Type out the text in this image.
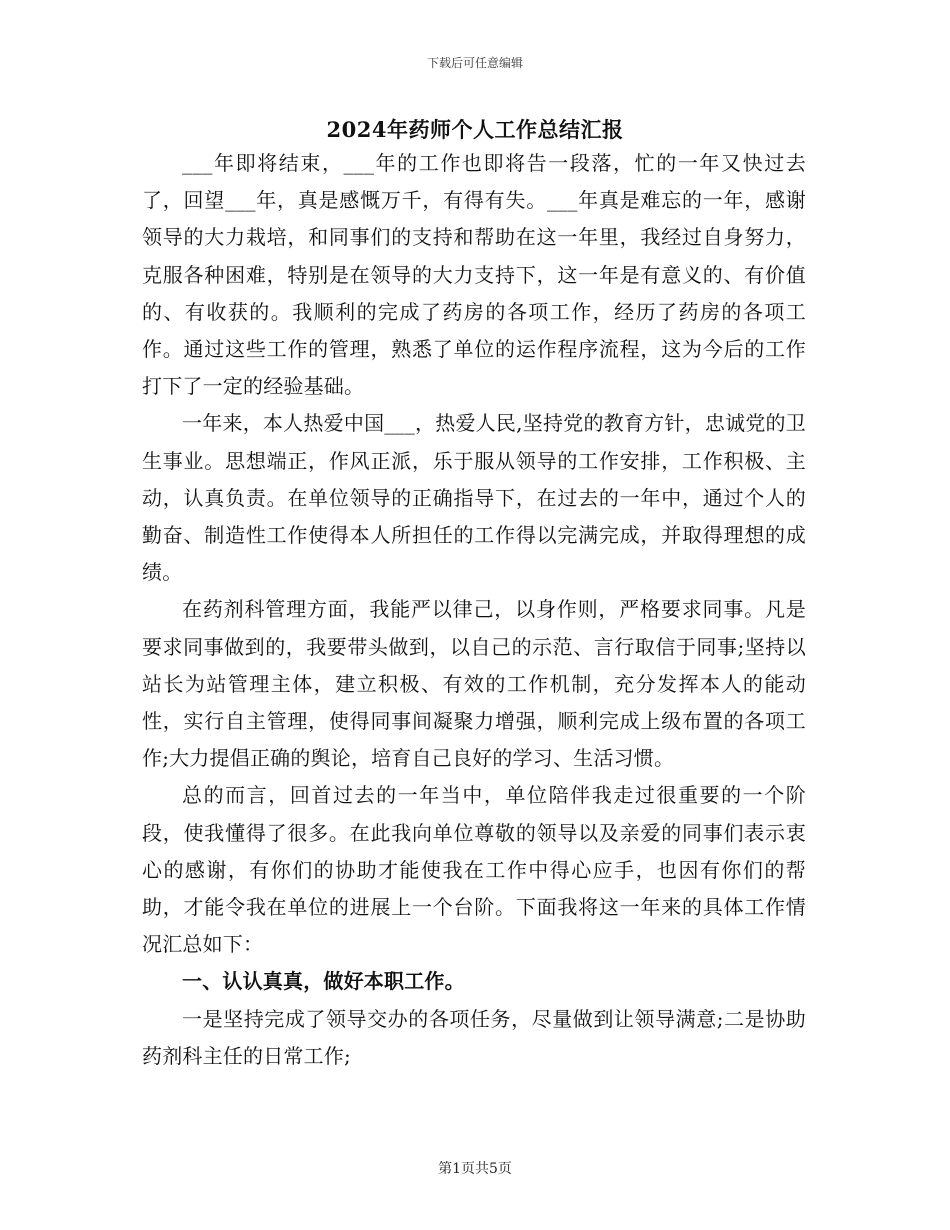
下载后可任意编辑
2024年药师个人工作总结汇报

___年即将结束，___年的工作也即将告一段落，忙的一年又快过去了，回望___年，真是感慨万千，有得有失。___年真是难忘的一年，感谢领导的大力栽培，和同事们的支持和帮助在这一年里，我经过自身努力，克服各种困难，特别是在领导的大力支持下，这一年是有意义的、有价值的、有收获的。我顺利的完成了药房的各项工作，经历了药房的各项工作。通过这些工作的管理，熟悉了单位的运作程序流程，这为今后的工作打下了一定的经验基础。

一年来，本人热爱中国___，热爱人民,坚持党的教育方针，忠诚党的卫生事业。思想端正，作风正派，乐于服从领导的工作安排，工作积极、主动，认真负责。在单位领导的正确指导下，在过去的一年中，通过个人的勤奋、制造性工作使得本人所担任的工作得以完满完成，并取得理想的成绩。

在药剂科管理方面，我能严以律己，以身作则，严格要求同事。凡是要求同事做到的，我要带头做到，以自己的示范、言行取信于同事;坚持以站长为站管理主体，建立积极、有效的工作机制，充分发挥本人的能动性，实行自主管理，使得同事间凝聚力增强，顺利完成上级布置的各项工作;大力提倡正确的舆论，培育自己良好的学习、生活习惯。

总的而言，回首过去的一年当中，单位陪伴我走过很重要的一个阶段，使我懂得了很多。在此我向单位尊敬的领导以及亲爱的同事们表示衷心的感谢，有你们的协助才能使我在工作中得心应手，也因有你们的帮助，才能令我在单位的进展上一个台阶。下面我将这一年来的具体工作情况汇总如下：

一、认认真真，做好本职工作。

一是坚持完成了领导交办的各项任务，尽量做到让领导满意;二是协助药剂科主任的日常工作;

第1页共5页
